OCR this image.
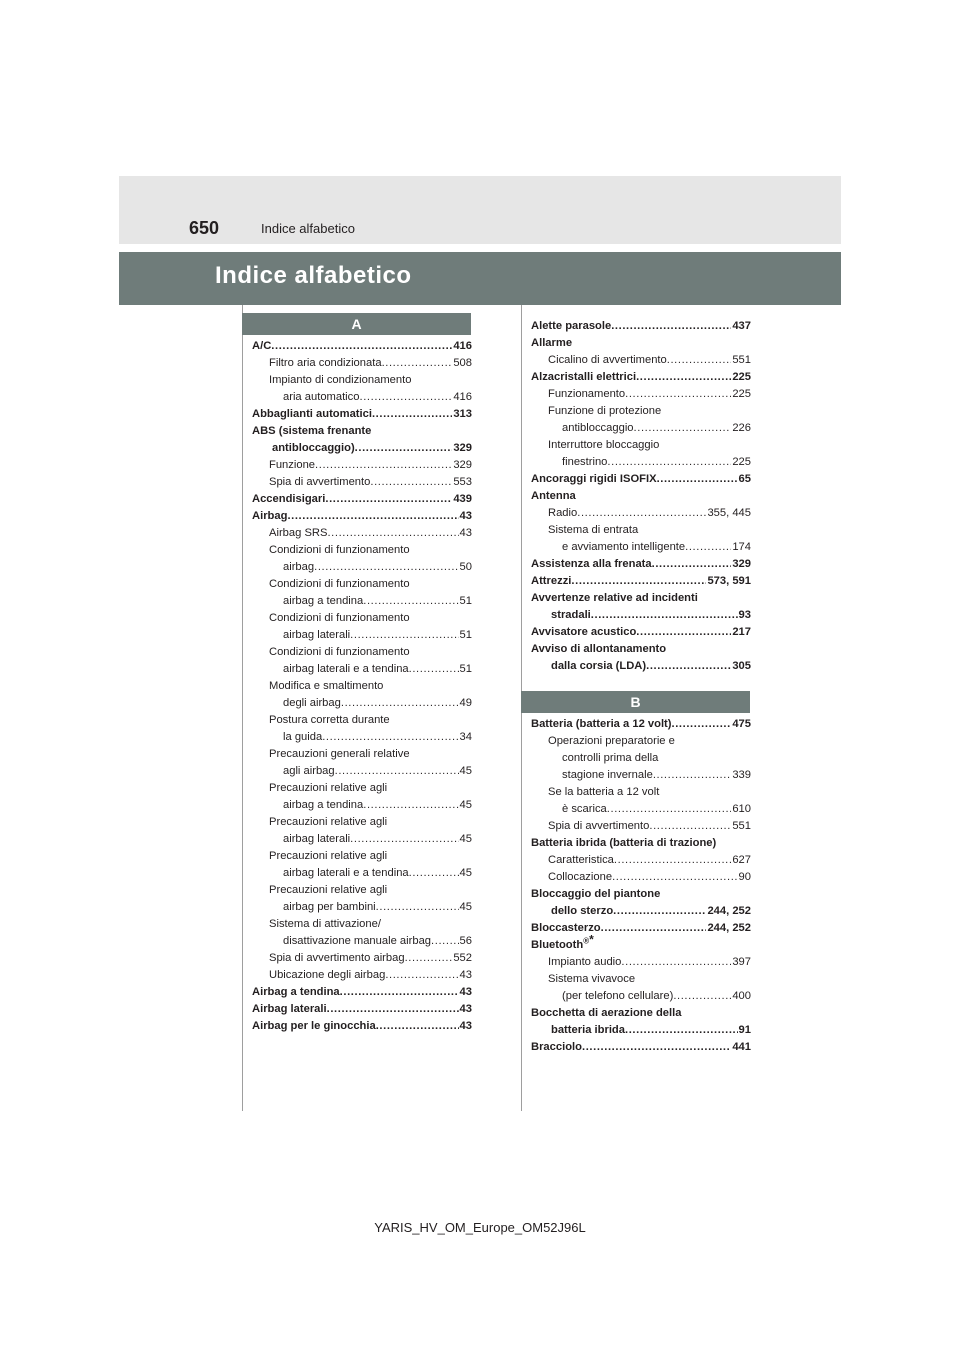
650	Indice alfabetico
Indice alfabetico
A
A/C .....	416
Filtro aria condizionata .....	508
Impianto di condizionamento
aria automatico .....	416
Abbaglianti automatici .....	313
ABS (sistema frenante
antibloccaggio) .....	329
Funzione .....	329
Spia di avvertimento .....	553
Accendisigari .....	439
Airbag .....	43
Airbag SRS .....	43
Condizioni di funzionamento
airbag .....	50
Condizioni di funzionamento
airbag a tendina .....	51
Condizioni di funzionamento
airbag laterali .....	51
Condizioni di funzionamento
airbag laterali e a tendina .....	51
Modifica e smaltimento
degli airbag .....	49
Postura corretta durante
la guida .....	34
Precauzioni generali relative
agli airbag .....	45
Precauzioni relative agli
airbag a tendina .....	45
Precauzioni relative agli
airbag laterali .....	45
Precauzioni relative agli
airbag laterali e a tendina .....	45
Precauzioni relative agli
airbag per bambini .....	45
Sistema di attivazione/
disattivazione manuale airbag .....	56
Spia di avvertimento airbag .....	552
Ubicazione degli airbag .....	43
Airbag a tendina .....	43
Airbag laterali .....	43
Airbag per le ginocchia .....	43
Alette parasole .....	437
Allarme
Cicalino di avvertimento .....	551
Alzacristalli elettrici .....	225
Funzionamento .....	225
Funzione di protezione
antibloccaggio .....	226
Interruttore bloccaggio
finestrino .....	225
Ancoraggi rigidi ISOFIX .....	65
Antenna
Radio .....	355, 445
Sistema di entrata
e avviamento intelligente .....	174
Assistenza alla frenata .....	329
Attrezzi .....	573, 591
Avvertenze relative ad incidenti
stradali .....	93
Avvisatore acustico .....	217
Avviso di allontanamento
dalla corsia (LDA) .....	305
B
Batteria (batteria a 12 volt) .....	475
Operazioni preparatorie e
controlli prima della
stagione invernale .....	339
Se la batteria a 12 volt
è scarica .....	610
Spia di avvertimento .....	551
Batteria ibrida (batteria di trazione)
Caratteristica .....	627
Collocazione .....	90
Bloccaggio del piantone
dello sterzo .....	244, 252
Bloccasterzo .....	244, 252
Bluetooth®*
Impianto audio .....	397
Sistema vivavoce
(per telefono cellulare) .....	400
Bocchetta di aerazione della
batteria ibrida .....	91
Bracciolo .....	441
YARIS_HV_OM_Europe_OM52J96L
